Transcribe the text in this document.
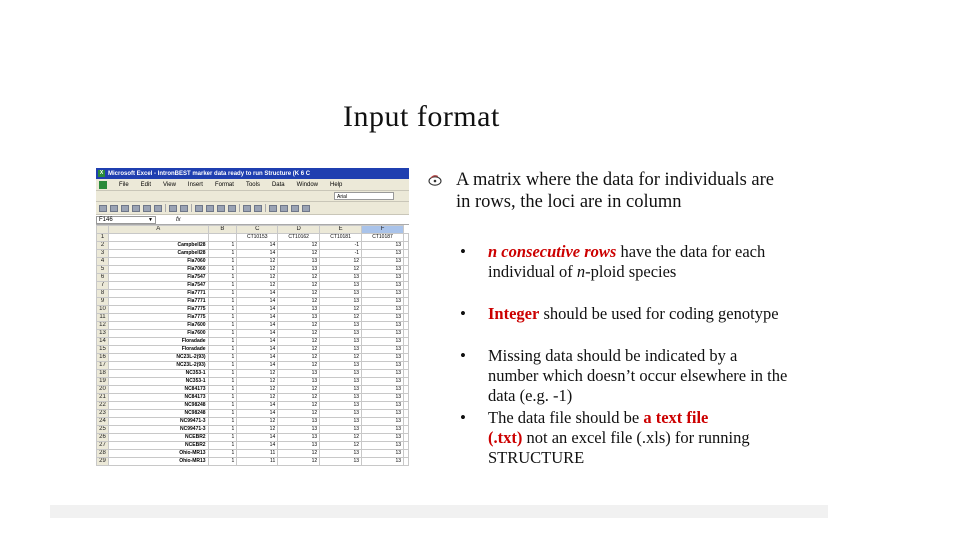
Input format
X Microsoft Excel - IntronBEST marker data ready to run Structure (K 6 C
File Edit View Insert Format Tools Data Window Help
Arial
F146	▼	fx
	A	B	C	D	E	F	
1			CT10153	CT10162	CT10181	CT10187	
2	Campbell28	1	14	12	-1	13	
3	Campbell28	1	14	12	-1	13	
4	Fla7060	1	12	13	12	13	
5	Fla7060	1	12	13	12	13	
6	Fla7547	1	12	12	13	13	
7	Fla7547	1	12	12	13	13	
8	Fla7771	1	14	12	13	13	
9	Fla7771	1	14	12	13	13	
10	Fla7775	1	14	13	12	13	
11	Fla7775	1	14	13	12	13	
12	Fla7600	1	14	12	13	13	
13	Fla7600	1	14	12	13	13	
14	Floradade	1	14	12	13	13	
15	Floradade	1	14	12	13	13	
16	NC23L-2(93)	1	14	12	12	13	
17	NC23L-2(93)	1	14	12	13	13	
18	NC353-1	1	12	13	13	13	
19	NC353-1	1	12	13	13	13	
20	NC84173	1	12	12	13	13	
21	NC84173	1	12	12	13	13	
22	NC98248	1	14	12	13	13	
23	NC98248	1	14	12	13	13	
24	NC99471-3	1	12	13	13	13	
25	NC99471-3	1	12	13	13	13	
26	NCEBR2	1	14	13	12	13	
27	NCEBR2	1	14	13	12	13	
28	Ohio-MR13	1	11	12	13	13	
29	Ohio-MR13	1	11	12	13	13	
A matrix where the data for individuals are in rows, the loci are in column
• n consecutive rows have the data for each individual of n-ploid species
• Integer should be used for coding genotype
• Missing data should be indicated by a number which doesn’t occur elsewhere in the data (e.g. -1)
• The data file should be a text file
(.txt) not an excel file (.xls) for running STRUCTURE
